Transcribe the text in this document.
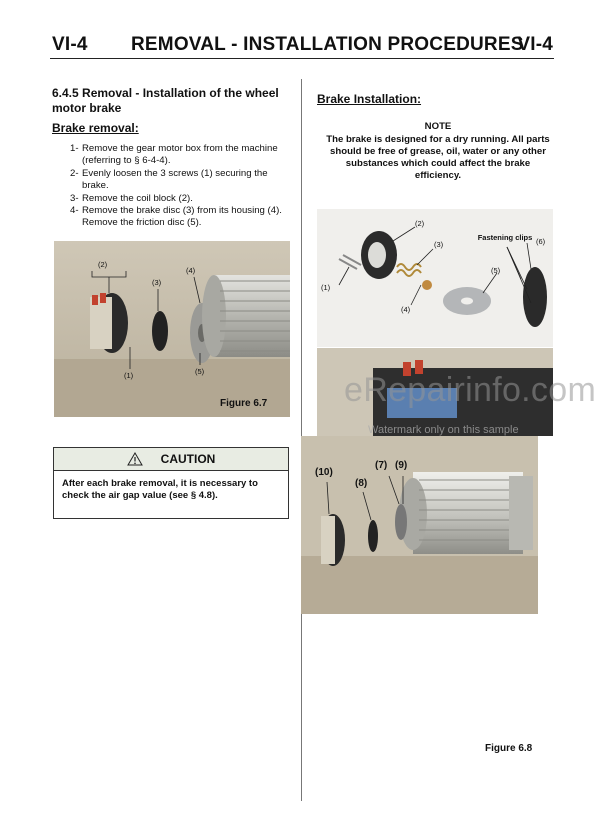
VI-4 REMOVAL - INSTALLATION PROCEDURES
VI-4
6.4.5 Removal - Installation of the wheel motor brake
Brake removal:
1- Remove the gear motor box from the machine (referring to § 6-4-4).
2- Evenly loosen the 3 screws (1) securing the brake.
3- Remove the coil block (2).
4- Remove the brake disc (3) from its housing (4). Remove the friction disc (5).
(2)
(3)
(4)
(1)	(5)
Figure 6.7
CAUTION
After each brake removal, it is necessary to check the air gap value (see § 4.8).
Brake Installation:
NOTE
The brake is designed for a dry running. All parts should be free of grease, oil, water or any other substances which could affect the brake efficiency.
(1)
(2)
(3)
(4)
(5)
(6)
Fastening clips
(10)
(8)
(7) (9)
Figure 6.8
eRepairinfo.com
Watermark only on this sample
